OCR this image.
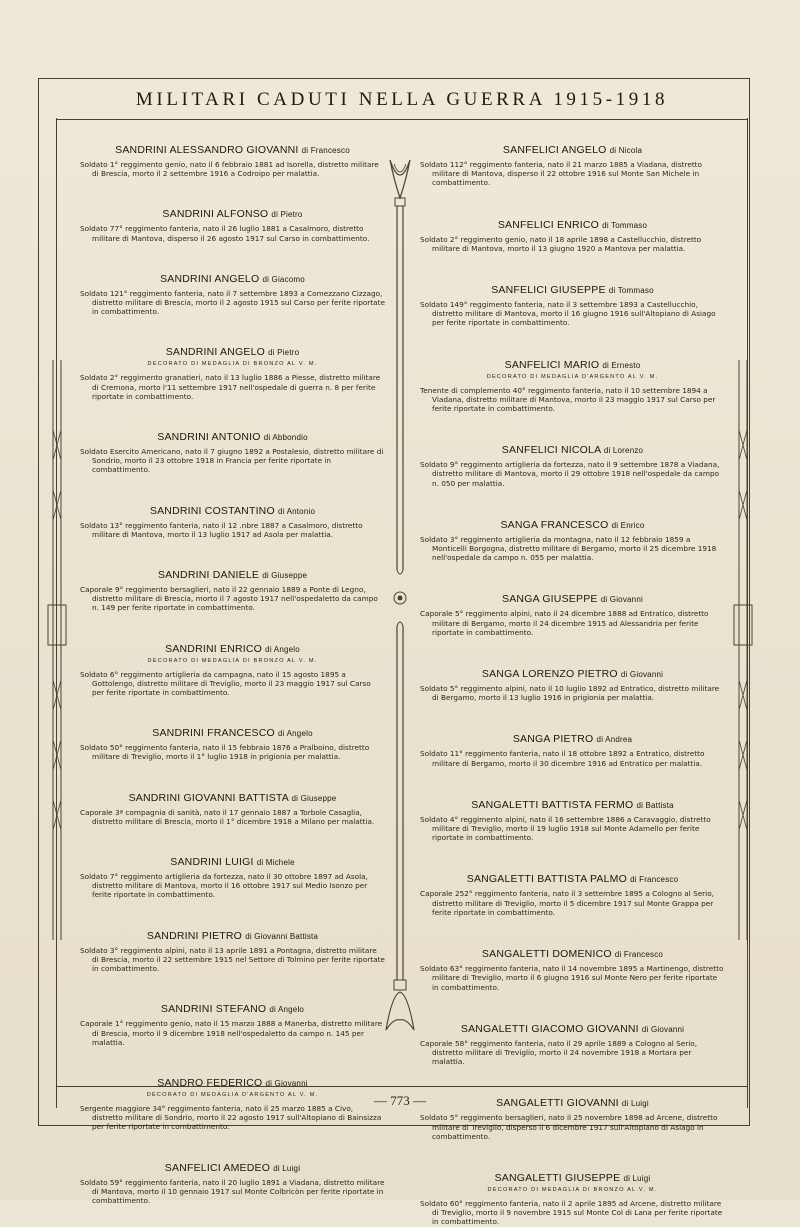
MILITARI CADUTI NELLA GUERRA 1915-1918
SANDRINI ALESSANDRO GIOVANNI di Francesco
Soldato 1° reggimento genio, nato il 6 febbraio 1881 ad Isorella, distretto militare di Brescia, morto il 2 settembre 1916 a Codroipo per malattia.
SANDRINI ALFONSO di Pietro
Soldato 77° reggimento fanteria, nato il 26 luglio 1881 a Casalmoro, distretto militare di Mantova, disperso il 26 agosto 1917 sul Carso in combattimento.
SANDRINI ANGELO di Giacomo
Soldato 121° reggimento fanteria, nato il 7 settembre 1893 a Comezzano Cizzago, distretto militare di Brescia, morto il 2 agosto 1915 sul Carso per ferite riportate in combattimento.
SANDRINI ANGELO di Pietro
DECORATO DI MEDAGLIA DI BRONZO AL V. M.
Soldato 2° reggimento granatieri, nato il 13 luglio 1886 a Piesse, distretto militare di Cremona, morto l'11 settembre 1917 nell'ospedale di guerra n. 8 per ferite riportate in combattimento.
SANDRINI ANTONIO di Abbondio
Soldato Esercito Americano, nato il 7 giugno 1892 a Postalesio, distretto militare di Sondrio, morto il 23 ottobre 1918 in Francia per ferite riportate in combattimento.
SANDRINI COSTANTINO di Antonio
Soldato 13° reggimento fanteria, nato il 12 .nbre 1887 a Casalmoro, distretto militare di Mantova, morto il 13 luglio 1917 ad Asola per malattia.
SANDRINI DANIELE di Giuseppe
Caporale 9° reggimento bersaglieri, nato il 22 gennaio 1889 a Ponte di Legno, distretto militare di Brescia, morto il 7 agosto 1917 nell'ospedaletto da campo n. 149 per ferite riportate in combattimento.
SANDRINI ENRICO di Angelo
DECORATO DI MEDAGLIA DI BRONZO AL V. M.
Soldato 6° reggimento artiglieria da campagna, nato il 15 agosto 1895 a Gottolengo, distretto militare di Treviglio, morto il 23 maggio 1917 sul Carso per ferite riportate in combattimento.
SANDRINI FRANCESCO di Angelo
Soldato 50° reggimento fanteria, nato il 15 febbraio 1876 a Pralboino, distretto militare di Treviglio, morto il 1° luglio 1918 in prigionia per malattia.
SANDRINI GIOVANNI BATTISTA di Giuseppe
Caporale 3ª compagnia di sanità, nato il 17 gennaio 1887 a Torbole Casaglia, distretto militare di Brescia, morto il 1° dicembre 1918 a Milano per malattia.
SANDRINI LUIGI di Michele
Soldato 7° reggimento artiglieria da fortezza, nato il 30 ottobre 1897 ad Asola, distretto militare di Mantova, morto il 16 ottobre 1917 sul Medio Isonzo per ferite riportate in combattimento.
SANDRINI PIETRO di Giovanni Battista
Soldato 3° reggimento alpini, nato il 13 aprile 1891 a Pontagna, distretto militare di Brescia, morto il 22 settembre 1915 nel Settore di Tolmino per ferite riportate in combattimento.
SANDRINI STEFANO di Angelo
Caporale 1° reggimento genio, nato il 15 marzo 1888 a Manerba, distretto militare di Brescia, morto il 9 dicembre 1918 nell'ospedaletto da campo n. 145 per malattia.
SANDRO FEDERICO di Giovanni
DECORATO DI MEDAGLIA D'ARGENTO AL V. M.
Sergente maggiore 34° reggimento fanteria, nato il 25 marzo 1885 a Civo, distretto militare di Sondrio, morto il 22 agosto 1917 sull'Altopiano di Bainsizza per ferite riportate in combattimento.
SANFELICI AMEDEO di Luigi
Soldato 59° reggimento fanteria, nato il 20 luglio 1891 a Viadana, distretto militare di Mantova, morto il 10 gennaio 1917 sul Monte Colbricòn per ferite riportate in combattimento.
SANFELICI ANGELO di Nicola
Soldato 112° reggimento fanteria, nato il 21 marzo 1885 a Viadana, distretto militare di Mantova, disperso il 22 ottobre 1916 sul Monte San Michele in combattimento.
SANFELICI ENRICO di Tommaso
Soldato 2° reggimento genio, nato il 18 aprile 1898 a Castellucchio, distretto militare di Mantova, morto il 13 giugno 1920 a Mantova per malattia.
SANFELICI GIUSEPPE di Tommaso
Soldato 149° reggimento fanteria, nato il 3 settembre 1893 a Castellucchio, distretto militare di Mantova, morto il 16 giugno 1916 sull'Altopiano di Asiago per ferite riportate in combattimento.
SANFELICI MARIO di Ernesto
DECORATO DI MEDAGLIA D'ARGENTO AL V. M.
Tenente di complemento 40° reggimento fanteria, nato il 10 settembre 1894 a Viadana, distretto militare di Mantova, morto il 23 maggio 1917 sul Carso per ferite riportate in combattimento.
SANFELICI NICOLA di Lorenzo
Soldato 9° reggimento artiglieria da fortezza, nato il 9 settembre 1878 a Viadana, distretto militare di Mantova, morto il 29 ottobre 1918 nell'ospedale da campo n. 050 per malattia.
SANGA FRANCESCO di Enrico
Soldato 3° reggimento artiglieria da montagna, nato il 12 febbraio 1859 a Monticelli Borgogna, distretto militare di Bergamo, morto il 25 dicembre 1918 nell'ospedale da campo n. 055 per malattia.
SANGA GIUSEPPE di Giovanni
Caporale 5° reggimento alpini, nato il 24 dicembre 1888 ad Entratico, distretto militare di Bergamo, morto il 24 dicembre 1915 ad Alessandria per ferite riportate in combattimento.
SANGA LORENZO PIETRO di Giovanni
Soldato 5° reggimento alpini, nato il 10 luglio 1892 ad Entratico, distretto militare di Bergamo, morto il 13 luglio 1916 in prigionia per malattia.
SANGA PIETRO di Andrea
Soldato 11° reggimento fanteria, nato il 18 ottobre 1892 a Entratico, distretto militare di Bergamo, morto il 30 dicembre 1916 ad Entratico per malattia.
SANGALETTI BATTISTA FERMO di Battista
Soldato 4° reggimento alpini, nato il 16 settembre 1886 a Caravaggio, distretto militare di Treviglio, morto il 19 luglio 1918 sul Monte Adamello per ferite riportate in combattimento.
SANGALETTI BATTISTA PALMO di Francesco
Caporale 252° reggimento fanteria, nato il 3 settembre 1895 a Cologno al Serio, distretto militare di Treviglio, morto il 5 dicembre 1917 sul Monte Grappa per ferite riportate in combattimento.
SANGALETTI DOMENICO di Francesco
Soldato 63° reggimento fanteria, nato il 14 novembre 1895 a Martinengo, distretto militare di Treviglio, morto il 6 giugno 1916 sul Monte Nero per ferite riportate in combattimento.
SANGALETTI GIACOMO GIOVANNI di Giovanni
Caporale 58° reggimento fanteria, nato il 29 aprile 1889 a Cologno al Serio, distretto militare di Treviglio, morto il 24 novembre 1918 a Mortara per malattia.
SANGALETTI GIOVANNI di Luigi
Soldato 5° reggimento bersaglieri, nato il 25 novembre 1898 ad Arcene, distretto militare di Treviglio, disperso il 6 dicembre 1917 sull'Altopiano di Asiago in combattimento.
SANGALETTI GIUSEPPE di Luigi
DECORATO DI MEDAGLIA DI BRONZO AL V. M.
Soldato 60° reggimento fanteria, nato il 2 aprile 1895 ad Arcene, distretto militare di Treviglio, morto il 9 novembre 1915 sul Monte Col di Lana per ferite riportate in combattimento.
— 773 —
